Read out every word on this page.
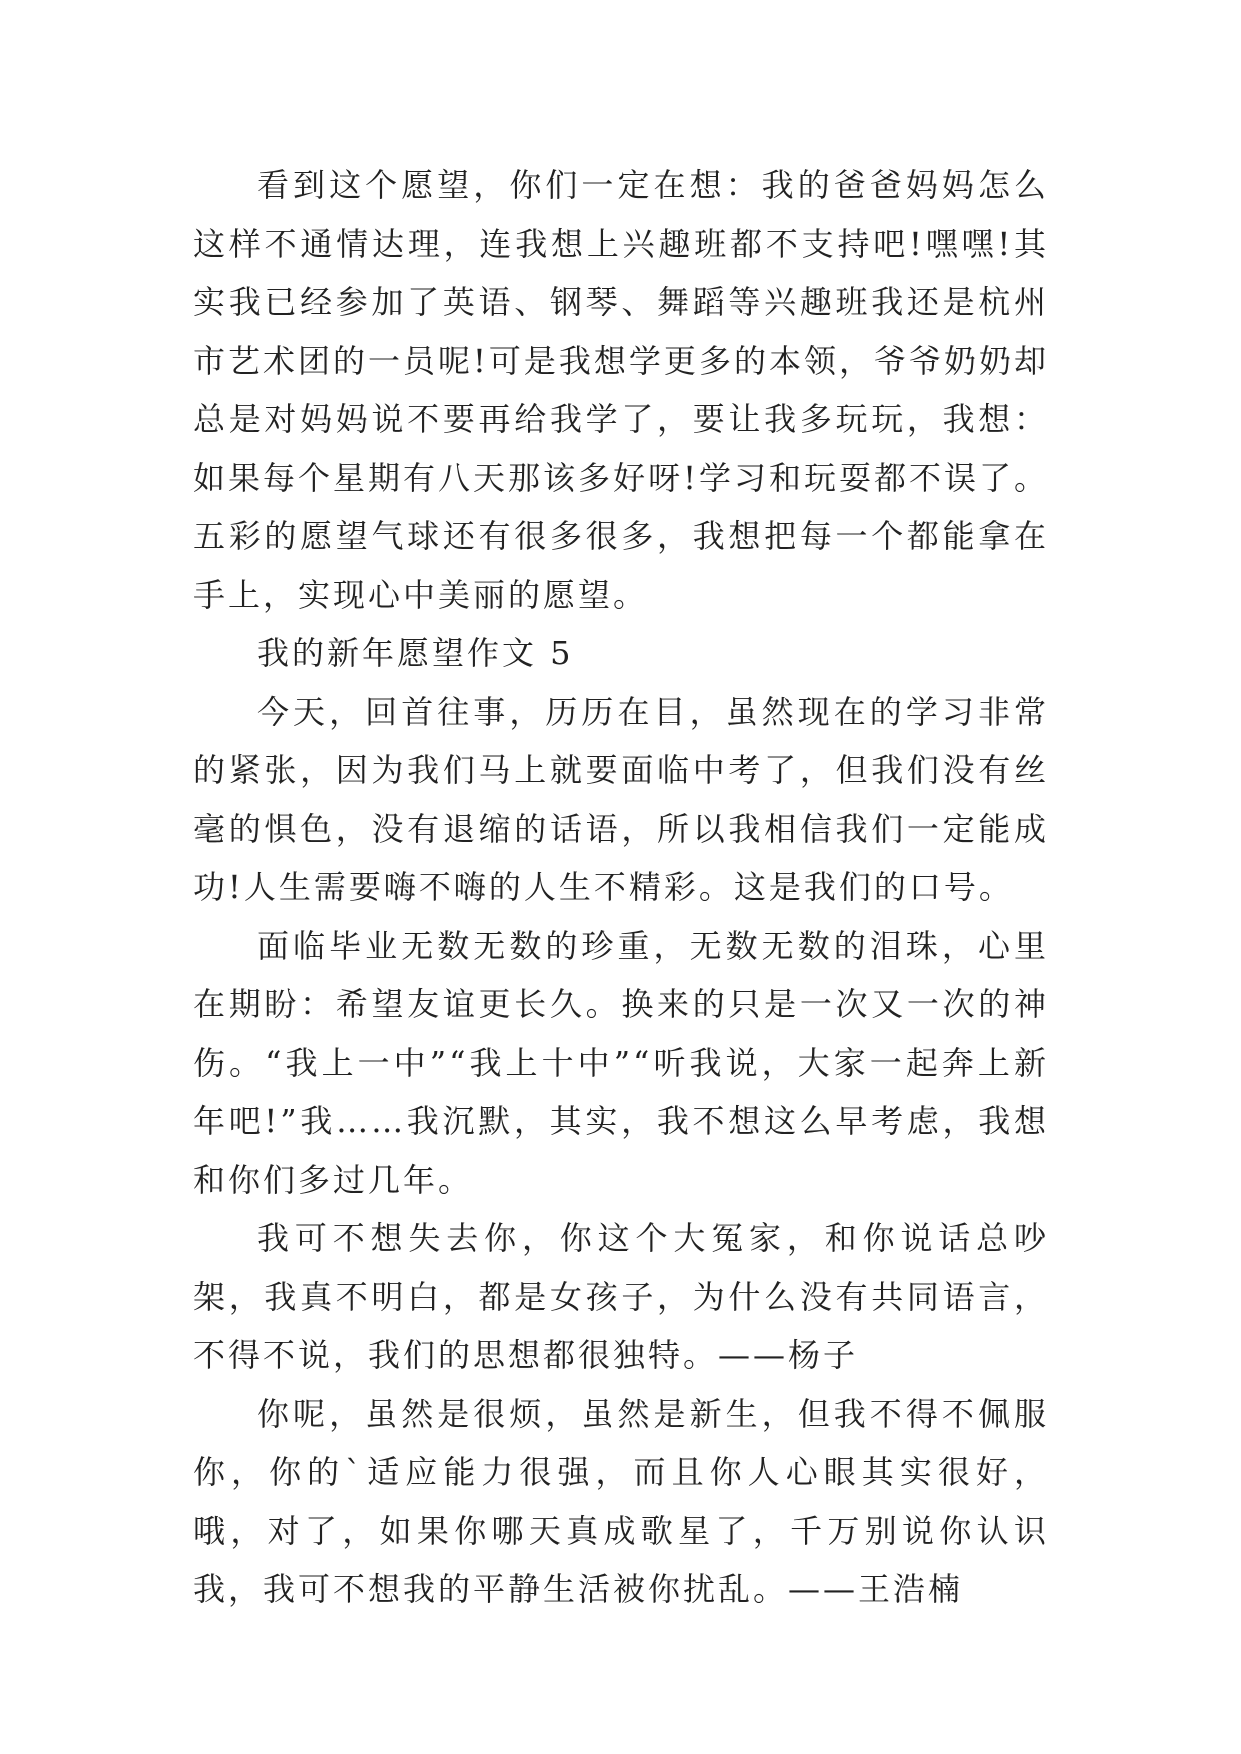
看到这个愿望，你们一定在想：我的爸爸妈妈怎么这样不通情达理，连我想上兴趣班都不支持吧!嘿嘿!其实我已经参加了英语、钢琴、舞蹈等兴趣班我还是杭州市艺术团的一员呢!可是我想学更多的本领，爷爷奶奶却总是对妈妈说不要再给我学了，要让我多玩玩，我想：如果每个星期有八天那该多好呀!学习和玩耍都不误了。五彩的愿望气球还有很多很多，我想把每一个都能拿在手上，实现心中美丽的愿望。

我的新年愿望作文 5

今天，回首往事，历历在目，虽然现在的学习非常的紧张，因为我们马上就要面临中考了，但我们没有丝毫的惧色，没有退缩的话语，所以我相信我们一定能成功!人生需要嗨不嗨的人生不精彩。这是我们的口号。

面临毕业无数无数的珍重，无数无数的泪珠，心里在期盼：希望友谊更长久。换来的只是一次又一次的神伤。“我上一中”“我上十中”“听我说，大家一起奔上新年吧!”我……我沉默，其实，我不想这么早考虑，我想和你们多过几年。

我可不想失去你，你这个大冤家，和你说话总吵架，我真不明白，都是女孩子，为什么没有共同语言，不得不说，我们的思想都很独特。——杨子

你呢，虽然是很烦，虽然是新生，但我不得不佩服你，你的`适应能力很强，而且你人心眼其实很好，哦，对了，如果你哪天真成歌星了，千万别说你认识我，我可不想我的平静生活被你扰乱。——王浩楠
